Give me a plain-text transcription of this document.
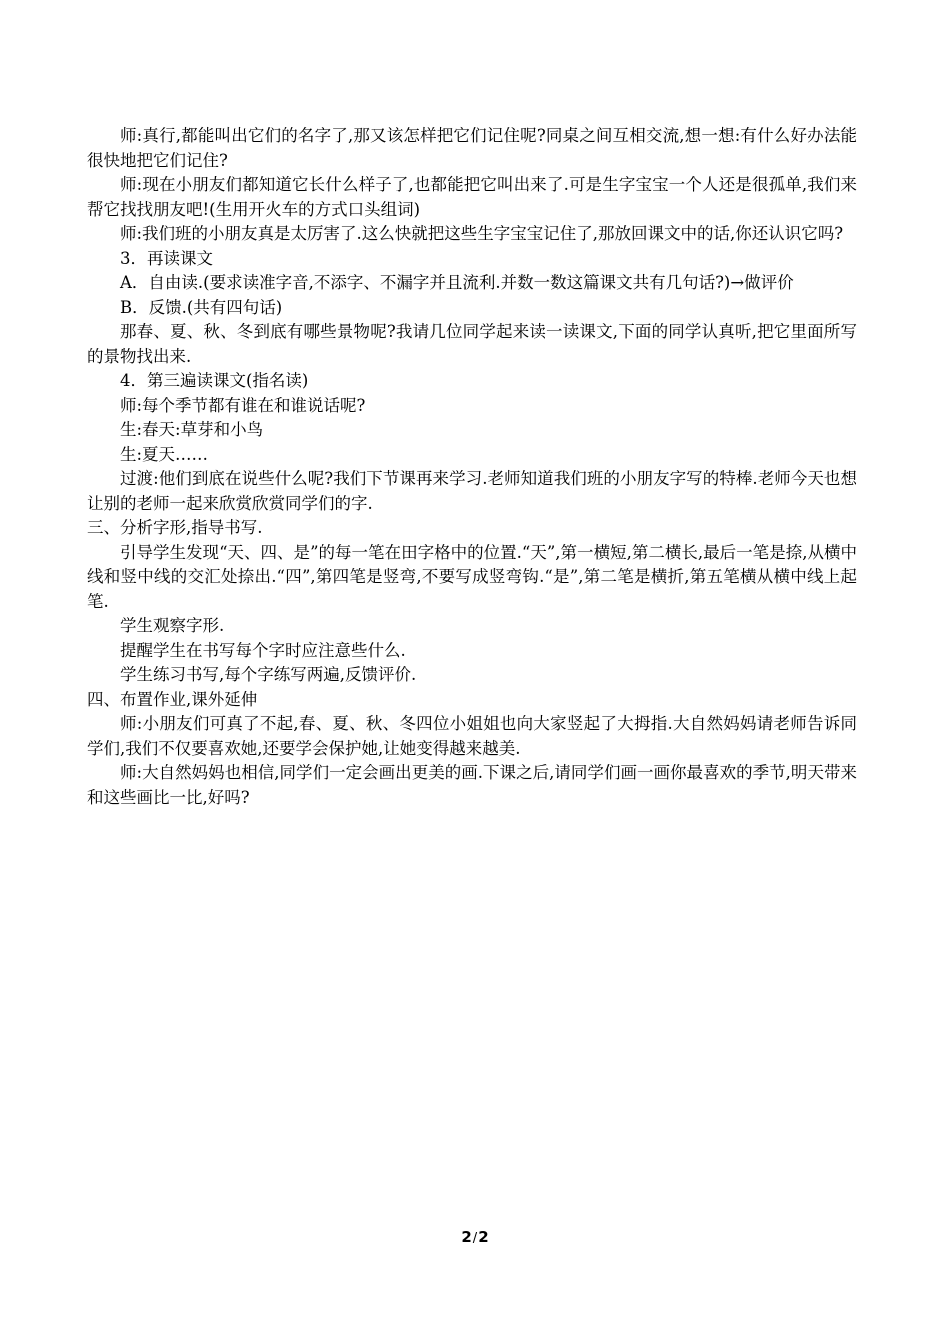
师:真行,都能叫出它们的名字了,那又该怎样把它们记住呢?同桌之间互相交流,想一想:有什么好办法能很快地把它们记住?

师:现在小朋友们都知道它长什么样子了,也都能把它叫出来了.可是生字宝宝一个人还是很孤单,我们来帮它找找朋友吧!(生用开火车的方式口头组词)

师:我们班的小朋友真是太厉害了.这么快就把这些生字宝宝记住了,那放回课文中的话,你还认识它吗?

3．再读课文

A．自由读.(要求读准字音,不添字、不漏字并且流利.并数一数这篇课文共有几句话?)→做评价

B．反馈.(共有四句话)

那春、夏、秋、冬到底有哪些景物呢?我请几位同学起来读一读课文,下面的同学认真听,把它里面所写的景物找出来.

4．第三遍读课文(指名读)

师:每个季节都有谁在和谁说话呢?

生:春天:草芽和小鸟

生:夏天……

过渡:他们到底在说些什么呢?我们下节课再来学习.老师知道我们班的小朋友字写的特棒.老师今天也想让别的老师一起来欣赏欣赏同学们的字.

三、分析字形,指导书写.

引导学生发现“天、四、是”的每一笔在田字格中的位置.“天”,第一横短,第二横长,最后一笔是捺,从横中线和竖中线的交汇处捺出.“四”,第四笔是竖弯,不要写成竖弯钩.“是”,第二笔是横折,第五笔横从横中线上起笔.

学生观察字形.

提醒学生在书写每个字时应注意些什么.

学生练习书写,每个字练写两遍,反馈评价.

四、布置作业,课外延伸

师:小朋友们可真了不起,春、夏、秋、冬四位小姐姐也向大家竖起了大拇指.大自然妈妈请老师告诉同学们,我们不仅要喜欢她,还要学会保护她,让她变得越来越美.

师:大自然妈妈也相信,同学们一定会画出更美的画.下课之后,请同学们画一画你最喜欢的季节,明天带来和这些画比一比,好吗?

2/2
